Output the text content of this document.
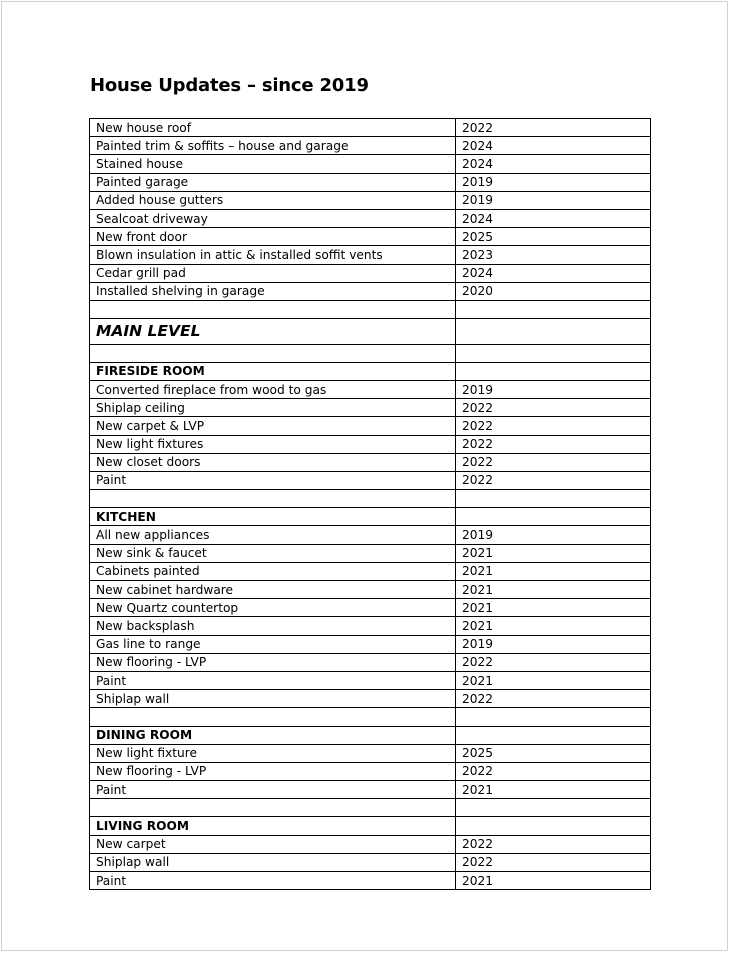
House Updates – since 2019
New house roof	2022
Painted trim & soffits – house and garage	2024
Stained house	2024
Painted garage	2019
Added house gutters	2019
Sealcoat driveway	2024
New front door	2025
Blown insulation in attic & installed soffit vents	2023
Cedar grill pad	2024
Installed shelving in garage	2020

MAIN LEVEL	

FIRESIDE ROOM	
Converted fireplace from wood to gas	2019
Shiplap ceiling	2022
New carpet & LVP	2022
New light fixtures	2022
New closet doors	2022
Paint	2022

KITCHEN	
All new appliances	2019
New sink & faucet	2021
Cabinets painted	2021
New cabinet hardware	2021
New Quartz countertop	2021
New backsplash	2021
Gas line to range	2019
New flooring - LVP	2022
Paint	2021
Shiplap wall	2022

DINING ROOM	
New light fixture	2025
New flooring - LVP	2022
Paint	2021

LIVING ROOM	
New carpet	2022
Shiplap wall	2022
Paint	2021
